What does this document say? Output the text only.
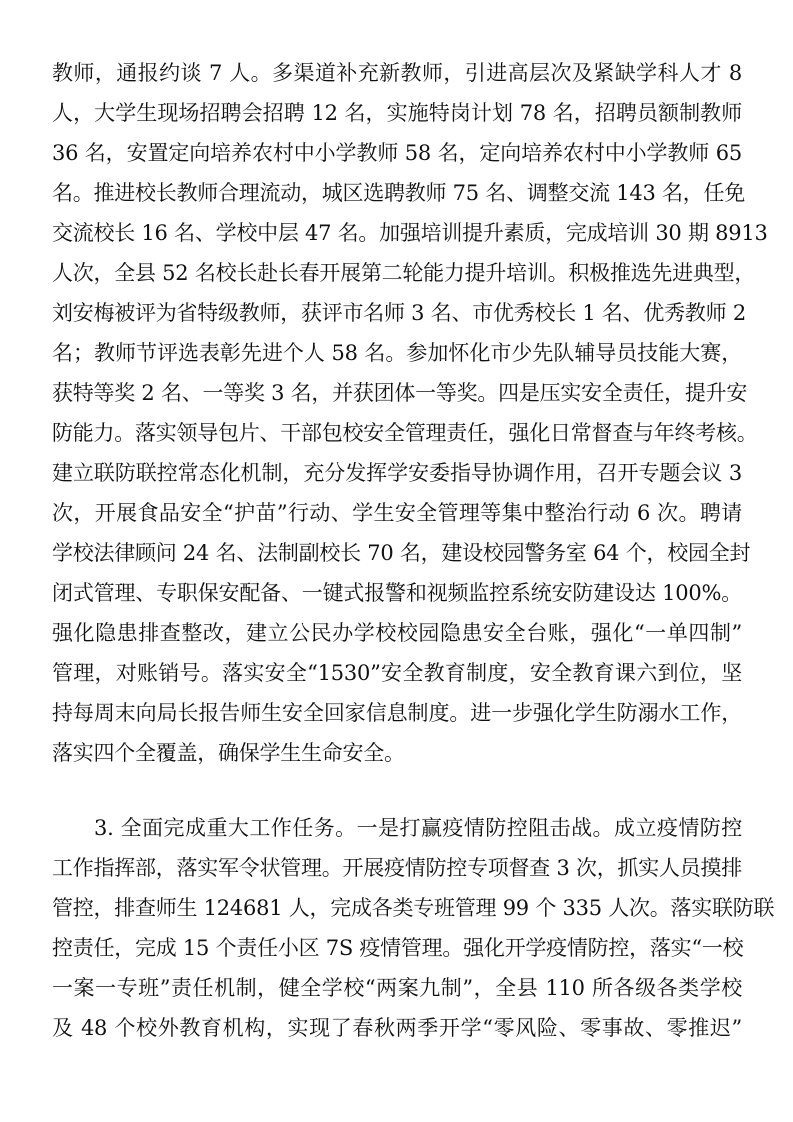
教师，通报约谈 7 人。多渠道补充新教师，引进高层次及紧缺学科人才 8
人，大学生现场招聘会招聘 12 名，实施特岗计划 78 名，招聘员额制教师
36 名，安置定向培养农村中小学教师 58 名，定向培养农村中小学教师 65
名。推进校长教师合理流动，城区选聘教师 75 名、调整交流 143 名，任免
交流校长 16 名、学校中层 47 名。加强培训提升素质，完成培训 30 期 8913
人次，全县 52 名校长赴长春开展第二轮能力提升培训。积极推选先进典型，
刘安梅被评为省特级教师，获评市名师 3 名、市优秀校长 1 名、优秀教师 2
名；教师节评选表彰先进个人 58 名。参加怀化市少先队辅导员技能大赛，
获特等奖 2 名、一等奖 3 名，并获团体一等奖。四是压实安全责任，提升安
防能力。落实领导包片、干部包校安全管理责任，强化日常督查与年终考核。
建立联防联控常态化机制，充分发挥学安委指导协调作用，召开专题会议 3
次，开展食品安全“护苗”行动、学生安全管理等集中整治行动 6 次。聘请
学校法律顾问 24 名、法制副校长 70 名，建设校园警务室 64 个，校园全封
闭式管理、专职保安配备、一键式报警和视频监控系统安防建设达 100%。
强化隐患排查整改，建立公民办学校校园隐患安全台账，强化“一单四制”
管理，对账销号。落实安全“1530”安全教育制度，安全教育课六到位，坚
持每周末向局长报告师生安全回家信息制度。进一步强化学生防溺水工作，
落实四个全覆盖，确保学生生命安全。
3. 全面完成重大工作任务。一是打赢疫情防控阻击战。成立疫情防控
工作指挥部，落实军令状管理。开展疫情防控专项督查 3 次，抓实人员摸排
管控，排查师生 124681 人，完成各类专班管理 99 个 335 人次。落实联防联
控责任，完成 15 个责任小区 7S 疫情管理。强化开学疫情防控，落实“一校
一案一专班”责任机制，健全学校“两案九制”，全县 110 所各级各类学校
及 48 个校外教育机构，实现了春秋两季开学“零风险、零事故、零推迟”
